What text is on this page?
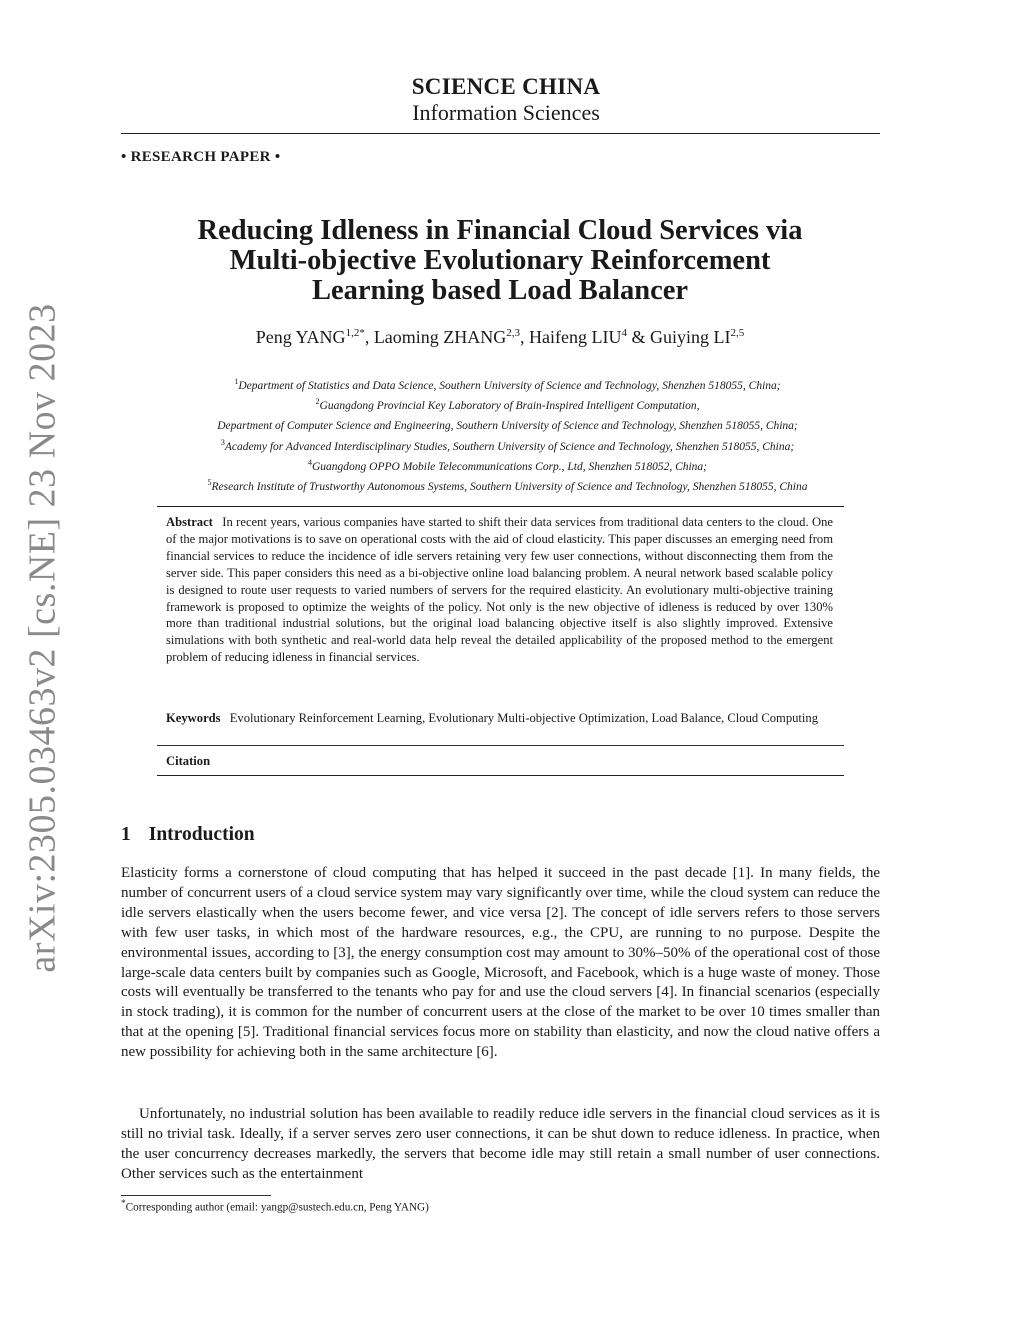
arXiv:2305.03463v2 [cs.NE] 23 Nov 2023
SCIENCE CHINA
Information Sciences
• RESEARCH PAPER •
Reducing Idleness in Financial Cloud Services via
Multi-objective Evolutionary Reinforcement
Learning based Load Balancer
Peng $YANG^{1,2*}$, Laoming ZHANG$^{2,3}$, Haifeng LIU$^4$ & Guiying LI$^{2,5}$
$^1$Department of Statistics and Data Science, Southern University of Science and Technology, Shenzhen 518055, China;
$^2$Guangdong Provincial Key Laboratory of Brain-Inspired Intelligent Computation,
Department of Computer Science and Engineering, Southern University of Science and Technology, Shenzhen 518055, China;
$^3$Academy for Advanced Interdisciplinary Studies, Southern University of Science and Technology, Shenzhen 518055, China;
$^4$Guangdong OPPO Mobile Telecommunications Corp., Ltd, Shenzhen 518052, China;
$^5$Research Institute of Trustworthy Autonomous Systems, Southern University of Science and Technology, Shenzhen 518055, China
Abstract In recent years, various companies have started to shift their data services from traditional data centers to the cloud. One of the major motivations is to save on operational costs with the aid of cloud elasticity. This paper discusses an emerging need from financial services to reduce the incidence of idle servers retaining very few user connections, without disconnecting them from the server side. This paper considers this need as a bi-objective online load balancing problem. A neural network based scalable policy is designed to route user requests to varied numbers of servers for the required elasticity. An evolutionary multi-objective training framework is proposed to optimize the weights of the policy. Not only is the new objective of idleness is reduced by over 130% more than traditional industrial solutions, but the original load balancing objective itself is also slightly improved. Extensive simulations with both synthetic and real-world data help reveal the detailed applicability of the proposed method to the emergent problem of reducing idleness in financial services.
Keywords Evolutionary Reinforcement Learning, Evolutionary Multi-objective Optimization, Load Balance, Cloud Computing
Citation
1 Introduction
Elasticity forms a cornerstone of cloud computing that has helped it succeed in the past decade [1]. In many fields, the number of concurrent users of a cloud service system may vary significantly over time, while the cloud system can reduce the idle servers elastically when the users become fewer, and vice versa [2]. The concept of idle servers refers to those servers with few user tasks, in which most of the hardware resources, e.g., the CPU, are running to no purpose. Despite the environmental issues, according to [3], the energy consumption cost may amount to 30%–50% of the operational cost of those large-scale data centers built by companies such as Google, Microsoft, and Facebook, which is a huge waste of money. Those costs will eventually be transferred to the tenants who pay for and use the cloud servers [4]. In financial scenarios (especially in stock trading), it is common for the number of concurrent users at the close of the market to be over 10 times smaller than that at the opening [5]. Traditional financial services focus more on stability than elasticity, and now the cloud native offers a new possibility for achieving both in the same architecture [6].
Unfortunately, no industrial solution has been available to readily reduce idle servers in the financial cloud services as it is still no trivial task. Ideally, if a server serves zero user connections, it can be shut down to reduce idleness. In practice, when the user concurrency decreases markedly, the servers that become idle may still retain a small number of user connections. Other services such as the entertainment
*Corresponding author (email: yangp@sustech.edu.cn, Peng YANG)
